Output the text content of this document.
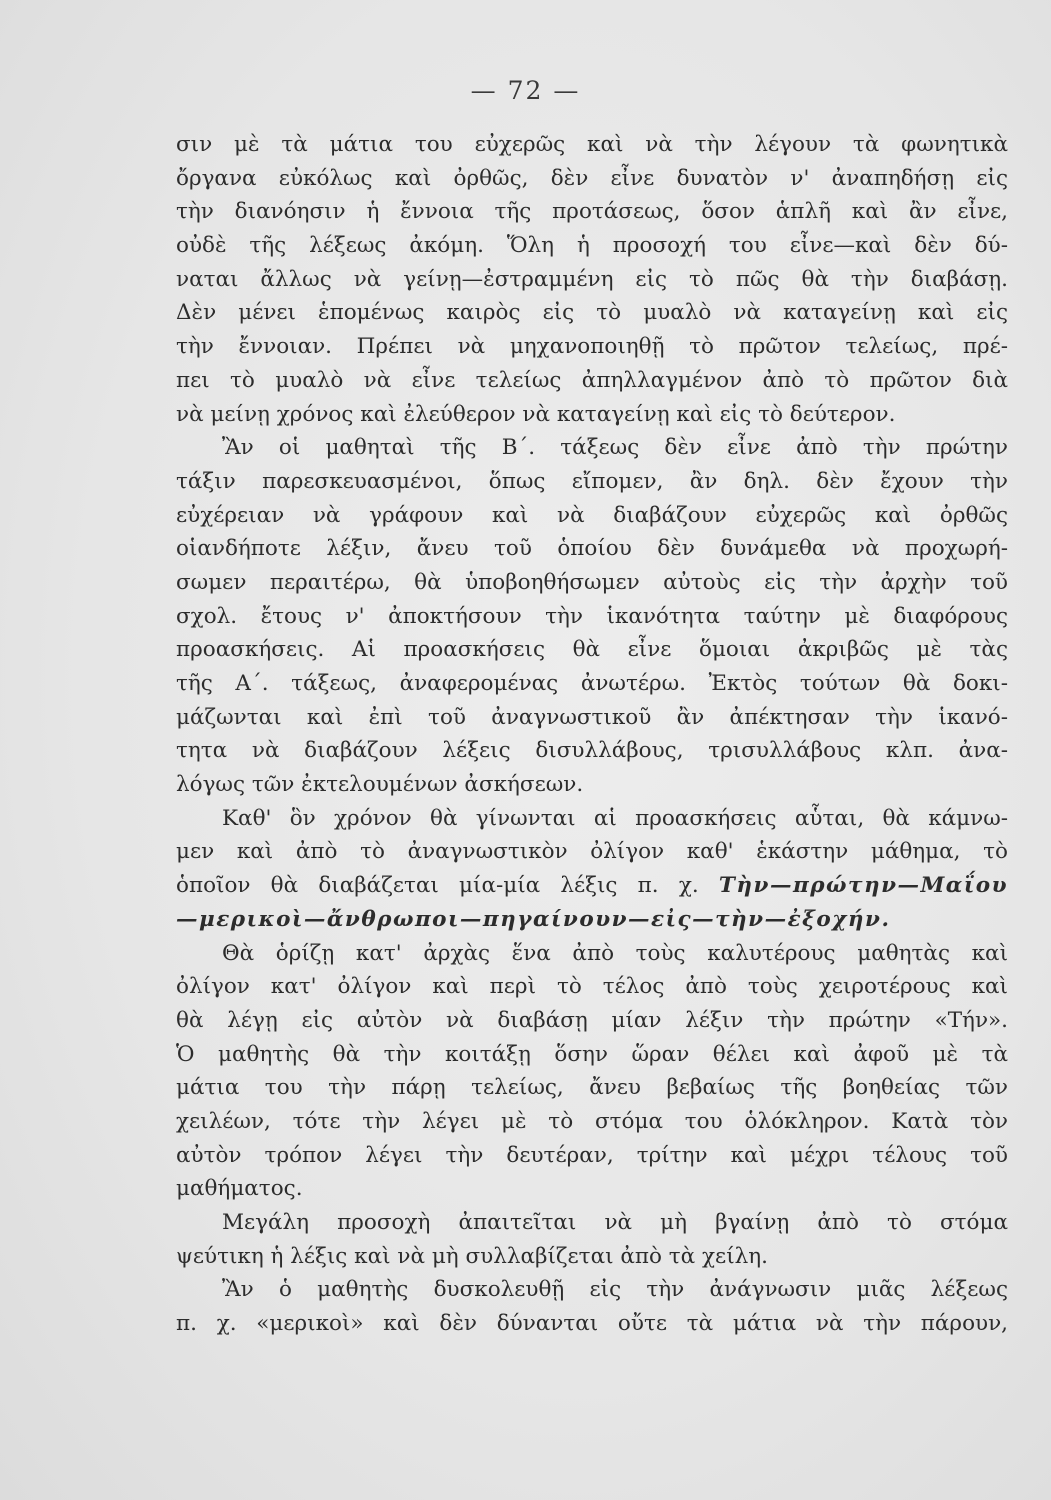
— 72 —
σιν μὲ τὰ μάτια του εὐχερῶς καὶ νὰ τὴν λέγουν τὰ φωνητικὰ
ὄργανα εὐκόλως καὶ ὀρθῶς, δὲν εἶνε δυνατὸν ν' ἀναπηδήσῃ εἰς
τὴν διανόησιν ἡ ἔννοια τῆς προτάσεως, ὅσον ἁπλῆ καὶ ἂν εἶνε,
οὐδὲ τῆς λέξεως ἀκόμη. Ὅλη ἡ προσοχή του εἶνε—καὶ δὲν δύ-
ναται ἄλλως νὰ γείνῃ—ἐστραμμένη εἰς τὸ πῶς θὰ τὴν διαβάσῃ.
Δὲν μένει ἑπομένως καιρὸς εἰς τὸ μυαλὸ νὰ καταγείνῃ καὶ εἰς
τὴν ἔννοιαν. Πρέπει νὰ μηχανοποιηθῇ τὸ πρῶτον τελείως, πρέ-
πει τὸ μυαλὸ νὰ εἶνε τελείως ἀπηλλαγμένον ἀπὸ τὸ πρῶτον διὰ
νὰ μείνῃ χρόνος καὶ ἐλεύθερον νὰ καταγείνῃ καὶ εἰς τὸ δεύτερον.
Ἂν οἱ μαθηταὶ τῆς Β΄. τάξεως δὲν εἶνε ἀπὸ τὴν πρώτην
τάξιν παρεσκευασμένοι, ὅπως εἴπομεν, ἂν δηλ. δὲν ἔχουν τὴν
εὐχέρειαν νὰ γράφουν καὶ νὰ διαβάζουν εὐχερῶς καὶ ὀρθῶς
οἱανδήποτε λέξιν, ἄνευ τοῦ ὁποίου δὲν δυνάμεθα νὰ προχωρή-
σωμεν περαιτέρω, θὰ ὑποβοηθήσωμεν αὐτοὺς εἰς τὴν ἀρχὴν τοῦ
σχολ. ἔτους ν' ἀποκτήσουν τὴν ἱκανότητα ταύτην μὲ διαφόρους
προασκήσεις. Αἱ προασκήσεις θὰ εἶνε ὅμοιαι ἀκριβῶς μὲ τὰς
τῆς Α΄. τάξεως, ἀναφερομένας ἀνωτέρω. Ἐκτὸς τούτων θὰ δοκι-
μάζωνται καὶ ἐπὶ τοῦ ἀναγνωστικοῦ ἂν ἀπέκτησαν τὴν ἱκανό-
τητα νὰ διαβάζουν λέξεις δισυλλάβους, τρισυλλάβους κλπ. ἀνα-
λόγως τῶν ἐκτελουμένων ἀσκήσεων.
Καθ' ὃν χρόνον θὰ γίνωνται αἱ προασκήσεις αὗται, θὰ κάμνω-
μεν καὶ ἀπὸ τὸ ἀναγνωστικὸν ὀλίγον καθ' ἑκάστην μάθημα, τὸ
ὁποῖον θὰ διαβάζεται μία-μία λέξις π. χ. Τὴν—πρώτην—Μαΐου
—μερικοὶ—ἄνθρωποι—πηγαίνουν—εἰς—τὴν—ἐξοχήν.
Θὰ ὁρίζῃ κατ' ἀρχὰς ἕνα ἀπὸ τοὺς καλυτέρους μαθητὰς καὶ
ὀλίγον κατ' ὀλίγον καὶ περὶ τὸ τέλος ἀπὸ τοὺς χειροτέρους καὶ
θὰ λέγῃ εἰς αὐτὸν νὰ διαβάσῃ μίαν λέξιν τὴν πρώτην «Τήν».
Ὁ μαθητὴς θὰ τὴν κοιτάξῃ ὅσην ὥραν θέλει καὶ ἀφοῦ μὲ τὰ
μάτια του τὴν πάρῃ τελείως, ἄνευ βεβαίως τῆς βοηθείας τῶν
χειλέων, τότε τὴν λέγει μὲ τὸ στόμα του ὁλόκληρον. Κατὰ τὸν
αὐτὸν τρόπον λέγει τὴν δευτέραν, τρίτην καὶ μέχρι τέλους τοῦ
μαθήματος.
Μεγάλη προσοχὴ ἀπαιτεῖται νὰ μὴ βγαίνῃ ἀπὸ τὸ στόμα
ψεύτικη ἡ λέξις καὶ νὰ μὴ συλλαβίζεται ἀπὸ τὰ χείλη.
Ἂν ὁ μαθητὴς δυσκολευθῇ εἰς τὴν ἀνάγνωσιν μιᾶς λέξεως
π. χ. «μερικοὶ» καὶ δὲν δύνανται οὔτε τὰ μάτια νὰ τὴν πάρουν,
